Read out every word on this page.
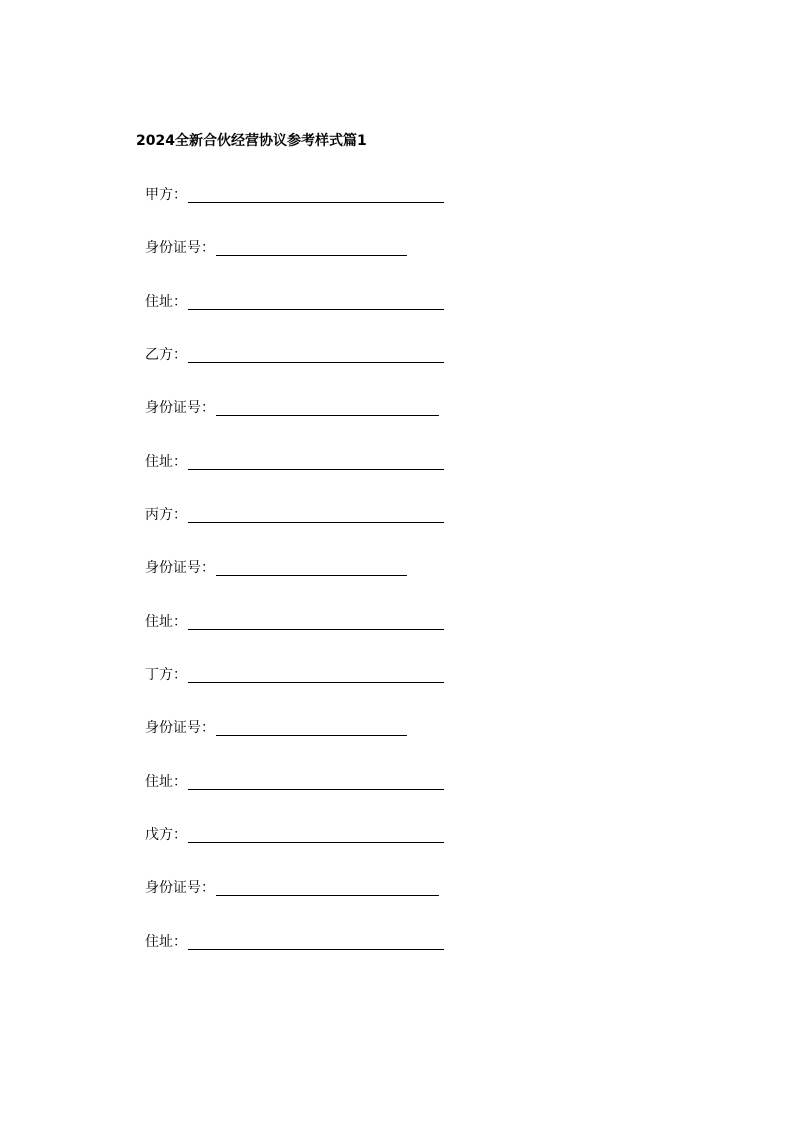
2024全新合伙经营协议参考样式篇1
甲方：
身份证号：
住址：
乙方：
身份证号：
住址：
丙方：
身份证号：
住址：
丁方：
身份证号：
住址：
戊方：
身份证号：
住址：
